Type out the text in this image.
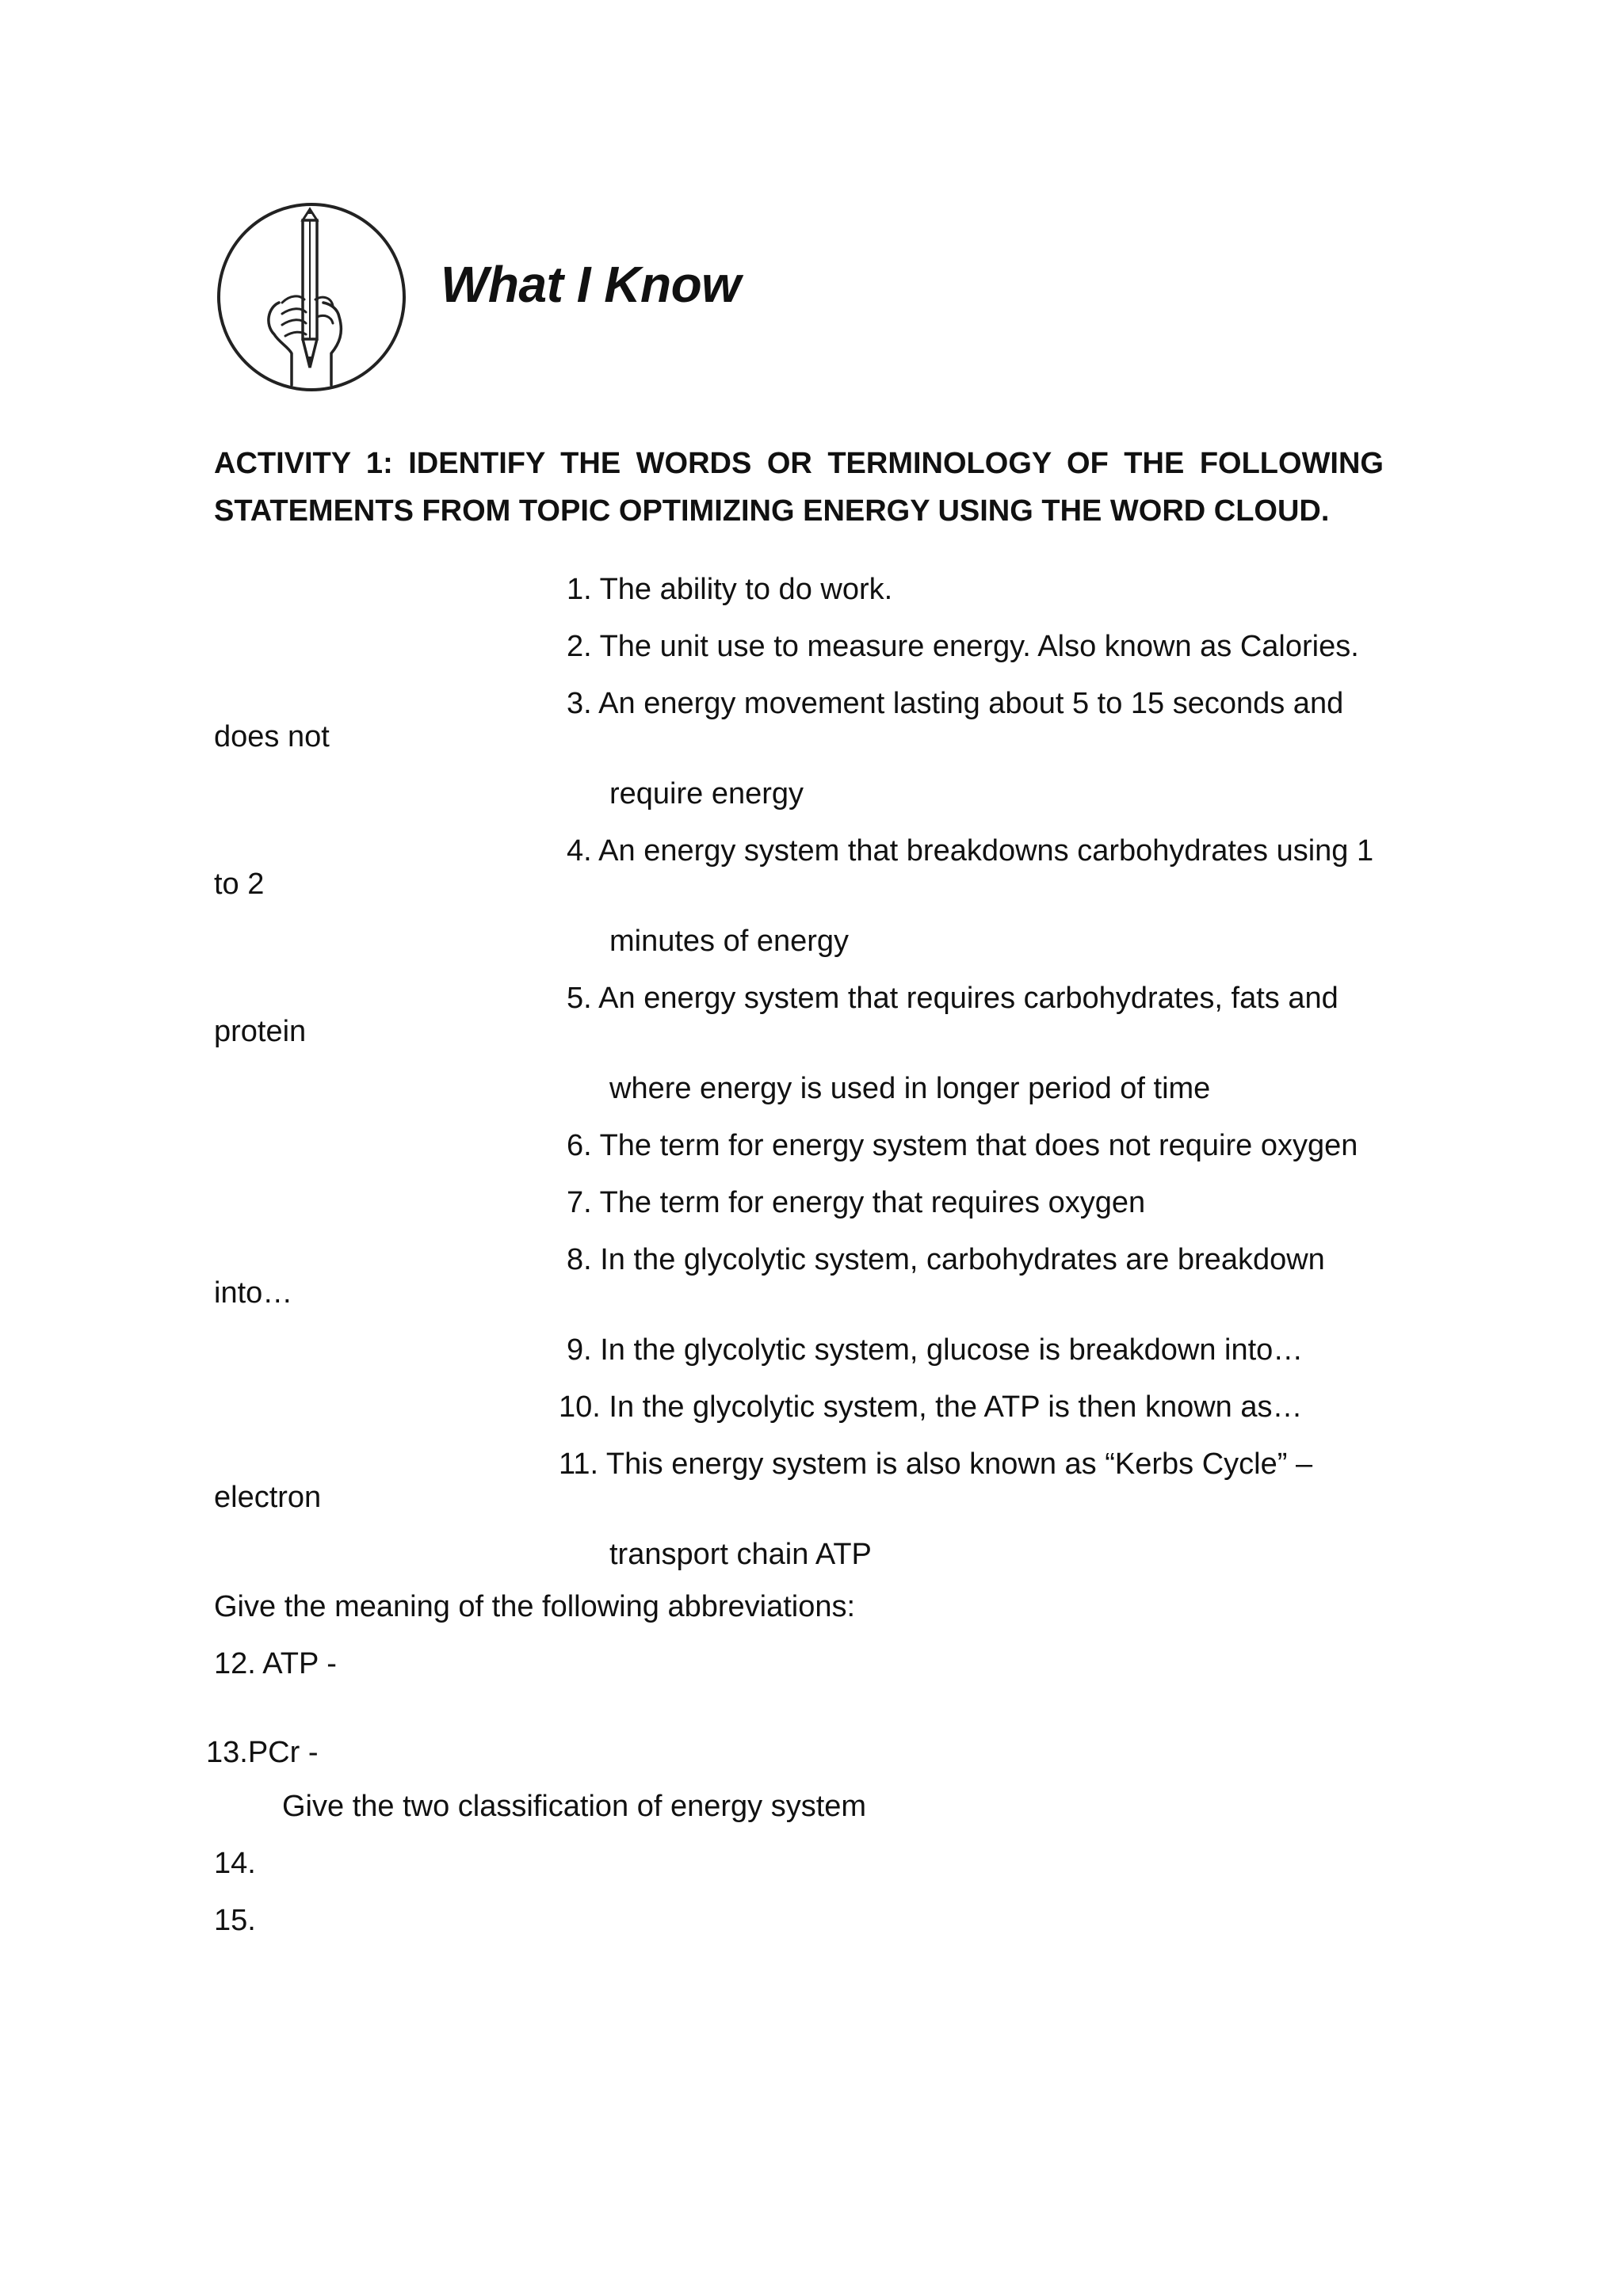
What I Know
ACTIVITY 1: IDENTIFY THE WORDS OR TERMINOLOGY OF THE FOLLOWING STATEMENTS FROM TOPIC OPTIMIZING ENERGY USING THE WORD CLOUD.
1. The ability to do work.
2. The unit use to measure energy. Also known as Calories.
3. An energy movement lasting about 5 to 15 seconds and
does not
require energy
4. An energy system that breakdowns carbohydrates using 1
to 2
minutes of energy
5. An energy system that requires carbohydrates, fats and
protein
where energy is used in longer period of time
6. The term for energy system that does not require oxygen
7. The term for energy that requires oxygen
8. In the glycolytic system, carbohydrates are breakdown
into…
9. In the glycolytic system, glucose is breakdown into…
10. In the glycolytic system, the ATP is then known as…
11. This energy system is also known as “Kerbs Cycle” –
electron
transport chain ATP
Give the meaning of the following abbreviations:
12. ATP -
13.PCr -
Give the two classification of energy system
14.
15.
